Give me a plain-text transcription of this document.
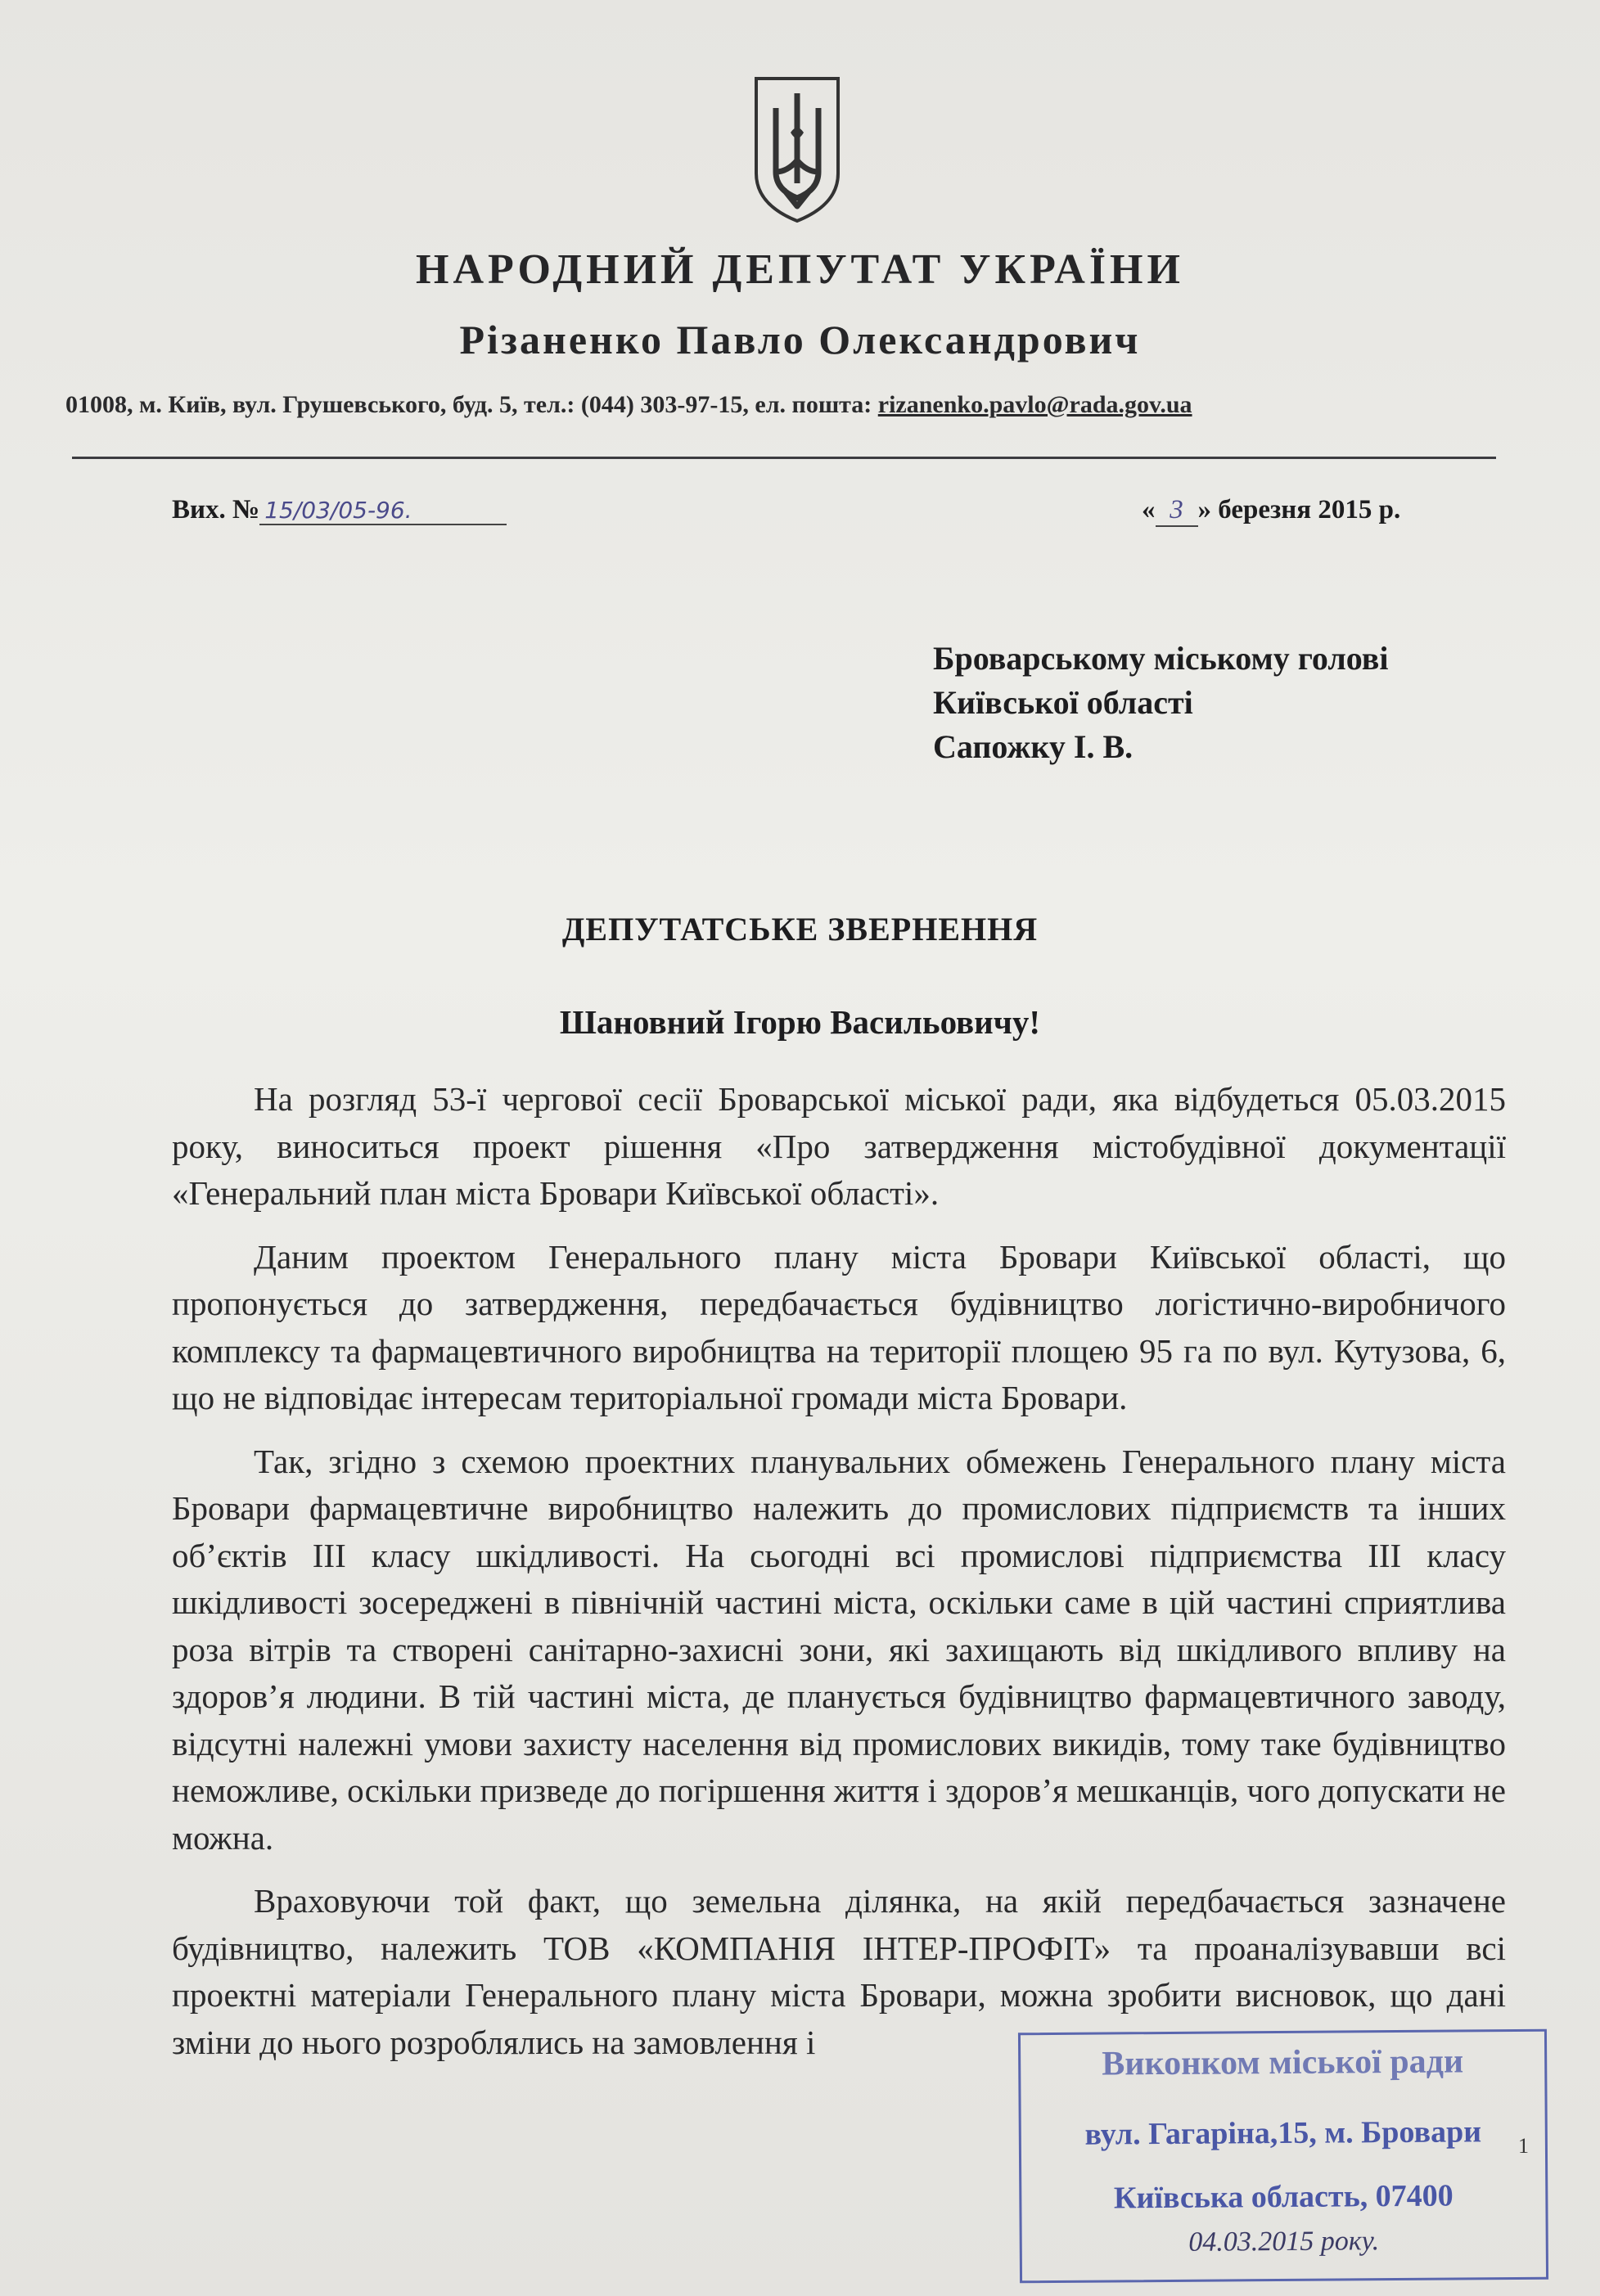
НАРОДНИЙ ДЕПУТАТ УКРАЇНИ
Різаненко Павло Олександрович
01008, м. Київ, вул. Грушевського, буд. 5, тел.: (044) 303-97-15, ел. пошта: rizanenko.pavlo@rada.gov.ua
Вих. № 15/03/05-96.	« 3 » березня 2015 р.
Броварському міському голові
Київської області
Сапожку І. В.
ДЕПУТАТСЬКЕ ЗВЕРНЕННЯ
Шановний Ігорю Васильовичу!

На розгляд 53-ї чергової сесії Броварської міської ради, яка відбудеться 05.03.2015 року, виноситься проект рішення «Про затвердження містобудівної документації «Генеральний план міста Бровари Київської області».

Даним проектом Генерального плану міста Бровари Київської області, що пропонується до затвердження, передбачається будівництво логістично-виробничого комплексу та фармацевтичного виробництва на території площею 95 га по вул. Кутузова, 6, що не відповідає інтересам територіальної громади міста Бровари.

Так, згідно з схемою проектних планувальних обмежень Генерального плану міста Бровари фармацевтичне виробництво належить до промислових підприємств та інших об’єктів III класу шкідливості. На сьогодні всі промислові підприємства III класу шкідливості зосереджені в північній частині міста, оскільки саме в цій частині сприятлива роза вітрів та створені санітарно-захисні зони, які захищають від шкідливого впливу на здоров’я людини. В тій частині міста, де планується будівництво фармацевтичного заводу, відсутні належні умови захисту населення від промислових викидів, тому таке будівництво неможливе, оскільки призведе до погіршення життя і здоров’я мешканців, чого допускати не можна.

Враховуючи той факт, що земельна ділянка, на якій передбачається зазначене будівництво, належить ТОВ «КОМПАНІЯ ІНТЕР-ПРОФІТ» та проаналізувавши всі проектні матеріали Генерального плану міста Бровари, можна зробити висновок, що дані зміни до нього розроблялись на замовлення і

Виконком міської ради
вул. Гагаріна,15, м. Бровари
Київська область, 07400
04.03.2015 року.
1
